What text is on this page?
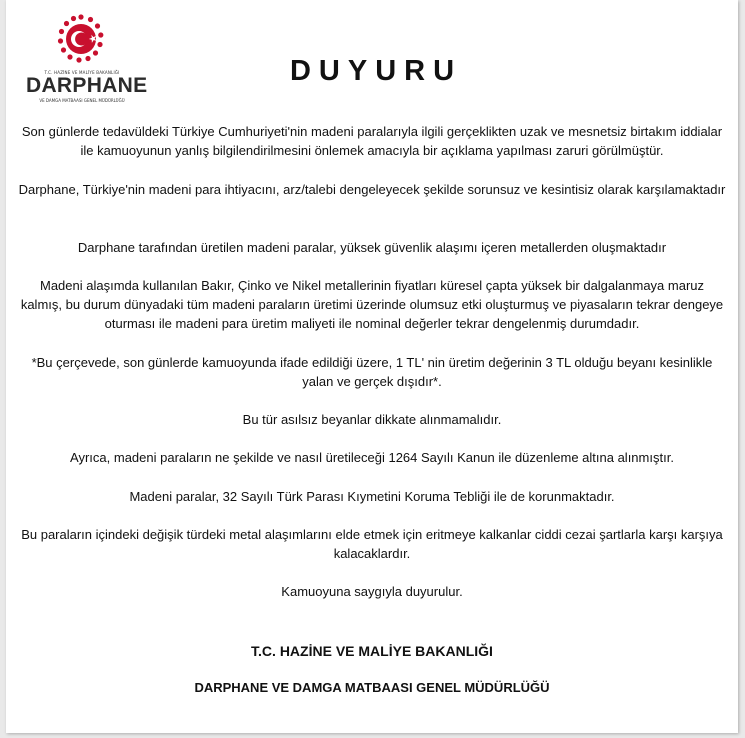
T.C. HAZİNE VE MALİYE BAKANLIĞI
DARPHANE
VE DAMGA MATBAASI GENEL MÜDÜRLÜĞÜ
DUYURU
Son günlerde tedavüldeki Türkiye Cumhuriyeti'nin madeni paralarıyla ilgili gerçeklikten uzak ve mesnetsiz birtakım iddialar ile kamuoyunun yanlış bilgilendirilmesini önlemek amacıyla bir açıklama yapılması zaruri görülmüştür.
Darphane, Türkiye'nin madeni para ihtiyacını, arz/talebi dengeleyecek şekilde sorunsuz ve kesintisiz olarak karşılamaktadır
Darphane tarafından üretilen madeni paralar, yüksek güvenlik alaşımı içeren metallerden oluşmaktadır
Madeni alaşımda kullanılan Bakır, Çinko ve Nikel metallerinin fiyatları küresel çapta yüksek bir dalgalanmaya maruz kalmış, bu durum dünyadaki tüm madeni paraların üretimi üzerinde olumsuz etki oluşturmuş ve piyasaların tekrar dengeye oturması ile madeni para üretim maliyeti ile nominal değerler tekrar dengelenmiş durumdadır.
*Bu çerçevede, son günlerde kamuoyunda ifade edildiği üzere, 1 TL' nin üretim değerinin 3 TL olduğu beyanı kesinlikle yalan ve gerçek dışıdır*.
Bu tür asılsız beyanlar dikkate alınmamalıdır.
Ayrıca, madeni paraların ne şekilde ve nasıl üretileceği 1264 Sayılı Kanun ile düzenleme altına alınmıştır.
Madeni paralar, 32 Sayılı Türk Parası Kıymetini Koruma Tebliği ile de korunmaktadır.
Bu paraların içindeki değişik türdeki metal alaşımlarını elde etmek için eritmeye kalkanlar ciddi cezai şartlarla karşı karşıya kalacaklardır.
Kamuoyuna saygıyla duyurulur.
T.C. HAZİNE VE MALİYE BAKANLIĞI
DARPHANE VE DAMGA MATBAASI GENEL MÜDÜRLÜĞÜ
